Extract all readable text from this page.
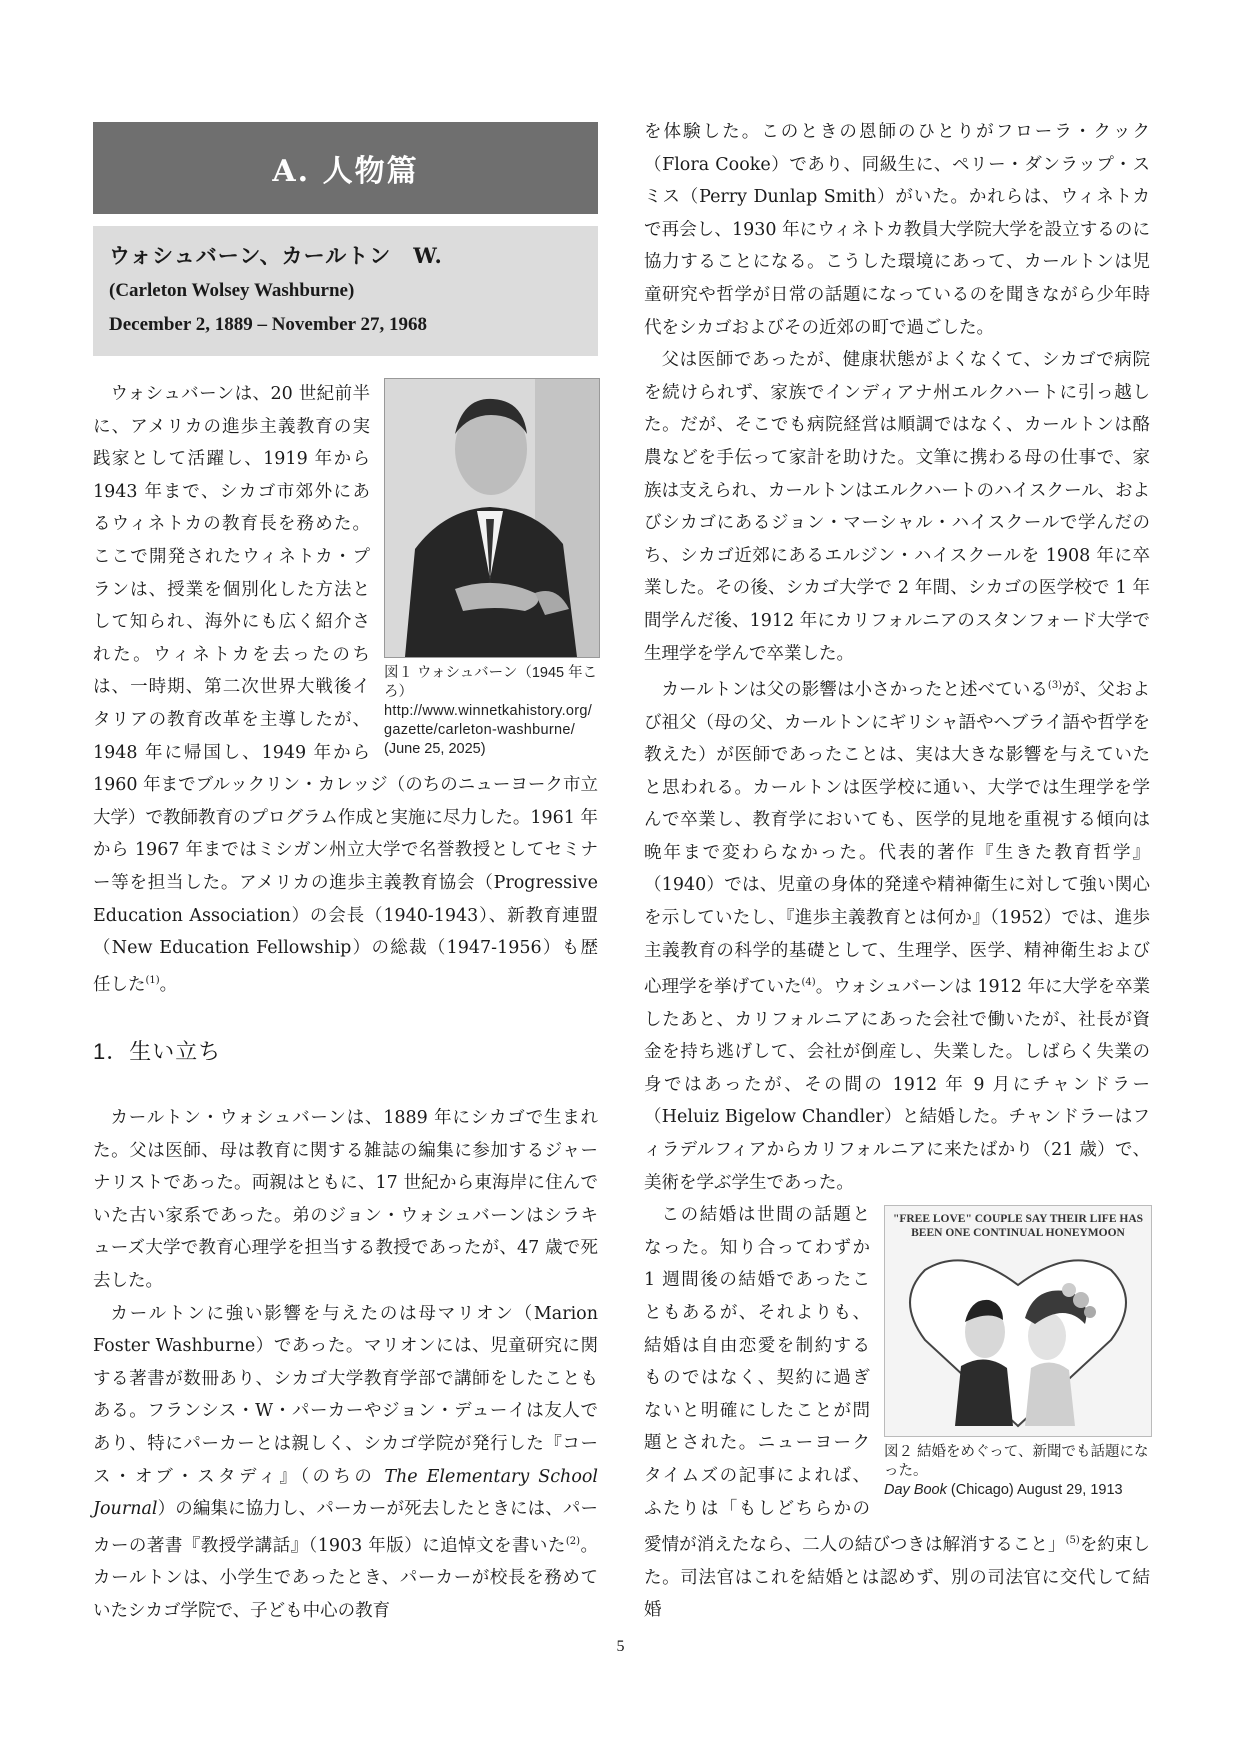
A. 人物篇
ウォシュバーン、カールトン　W.
(Carleton Wolsey Washburne)
December 2, 1889 – November 27, 1968
図１ ウォシュバーン（1945 年ころ）
http://www.winnetkahistory.org/gazette/carleton-washburne/
(June 25, 2025)

ウォシュバーンは、20 世紀前半に、アメリカの進歩主義教育の実践家として活躍し、1919 年から 1943 年まで、シカゴ市郊外にあるウィネトカの教育長を務めた。ここで開発されたウィネトカ・プランは、授業を個別化した方法として知られ、海外にも広く紹介された。ウィネトカを去ったのちは、一時期、第二次世界大戦後イタリアの教育改革を主導したが、1948 年に帰国し、1949 年から 1960 年までブルックリン・カレッジ（のちのニューヨーク市立大学）で教師教育のプログラム作成と実施に尽力した。1961 年から 1967 年まではミシガン州立大学で名誉教授としてセミナー等を担当した。アメリカの進歩主義教育協会（Progressive Education Association）の会長（1940-1943）、新教育連盟（New Education Fellowship）の総裁（1947-1956）も歴任した$^{(1)}$。

1．生い立ち

カールトン・ウォシュバーンは、1889 年にシカゴで生まれた。父は医師、母は教育に関する雑誌の編集に参加するジャーナリストであった。両親はともに、17 世紀から東海岸に住んでいた古い家系であった。弟のジョン・ウォシュバーンはシラキューズ大学で教育心理学を担当する教授であったが、47 歳で死去した。

カールトンに強い影響を与えたのは母マリオン（Marion Foster Washburne）であった。マリオンには、児童研究に関する著書が数冊あり、シカゴ大学教育学部で講師をしたこともある。フランシス・W・パーカーやジョン・デューイは友人であり、特にパーカーとは親しく、シカゴ学院が発行した『コース・オブ・スタディ』（のちの The Elementary School Journal）の編集に協力し、パーカーが死去したときには、パーカーの著書『教授学講話』（1903 年版）に追悼文を書いた$^{(2)}$。カールトンは、小学生であったとき、パーカーが校長を務めていたシカゴ学院で、子ども中心の教育

を体験した。このときの恩師のひとりがフローラ・クック（Flora Cooke）であり、同級生に、ペリー・ダンラップ・スミス（Perry Dunlap Smith）がいた。かれらは、ウィネトカで再会し、1930 年にウィネトカ教員大学院大学を設立するのに協力することになる。こうした環境にあって、カールトンは児童研究や哲学が日常の話題になっているのを聞きながら少年時代をシカゴおよびその近郊の町で過ごした。

父は医師であったが、健康状態がよくなくて、シカゴで病院を続けられず、家族でインディアナ州エルクハートに引っ越した。だが、そこでも病院経営は順調ではなく、カールトンは酪農などを手伝って家計を助けた。文筆に携わる母の仕事で、家族は支えられ、カールトンはエルクハートのハイスクール、およびシカゴにあるジョン・マーシャル・ハイスクールで学んだのち、シカゴ近郊にあるエルジン・ハイスクールを 1908 年に卒業した。その後、シカゴ大学で 2 年間、シカゴの医学校で 1 年間学んだ後、1912 年にカリフォルニアのスタンフォード大学で生理学を学んで卒業した。

カールトンは父の影響は小さかったと述べている$^{(3)}$が、父および祖父（母の父、カールトンにギリシャ語やヘブライ語や哲学を教えた）が医師であったことは、実は大きな影響を与えていたと思われる。カールトンは医学校に通い、大学では生理学を学んで卒業し、教育学においても、医学的見地を重視する傾向は晩年まで変わらなかった。代表的著作『生きた教育哲学』（1940）では、児童の身体的発達や精神衛生に対して強い関心を示していたし、『進歩主義教育とは何か』（1952）では、進歩主義教育の科学的基礎として、生理学、医学、精神衛生および心理学を挙げていた$^{(4)}$。ウォシュバーンは 1912 年に大学を卒業したあと、カリフォルニアにあった会社で働いたが、社長が資金を持ち逃げして、会社が倒産し、失業した。しばらく失業の身ではあったが、その間の 1912 年 9 月にチャンドラー（Heluiz Bigelow Chandler）と結婚した。チャンドラーはフィラデルフィアからカリフォルニアに来たばかり（21 歳）で、美術を学ぶ学生であった。

"FREE LOVE" COUPLE SAY THEIR LIFE HAS BEEN ONE CONTINUAL HONEYMOON
図２ 結婚をめぐって、新聞でも話題になった。
Day Book (Chicago) August 29, 1913

この結婚は世間の話題となった。知り合ってわずか 1 週間後の結婚であったこともあるが、それよりも、結婚は自由恋愛を制約するものではなく、契約に過ぎないと明確にしたことが問題とされた。ニューヨークタイムズの記事によれば、ふたりは「もしどちらかの愛情が消えたなら、二人の結びつきは解消すること」$^{(5)}$を約束した。司法官はこれを結婚とは認めず、別の司法官に交代して結婚

5
